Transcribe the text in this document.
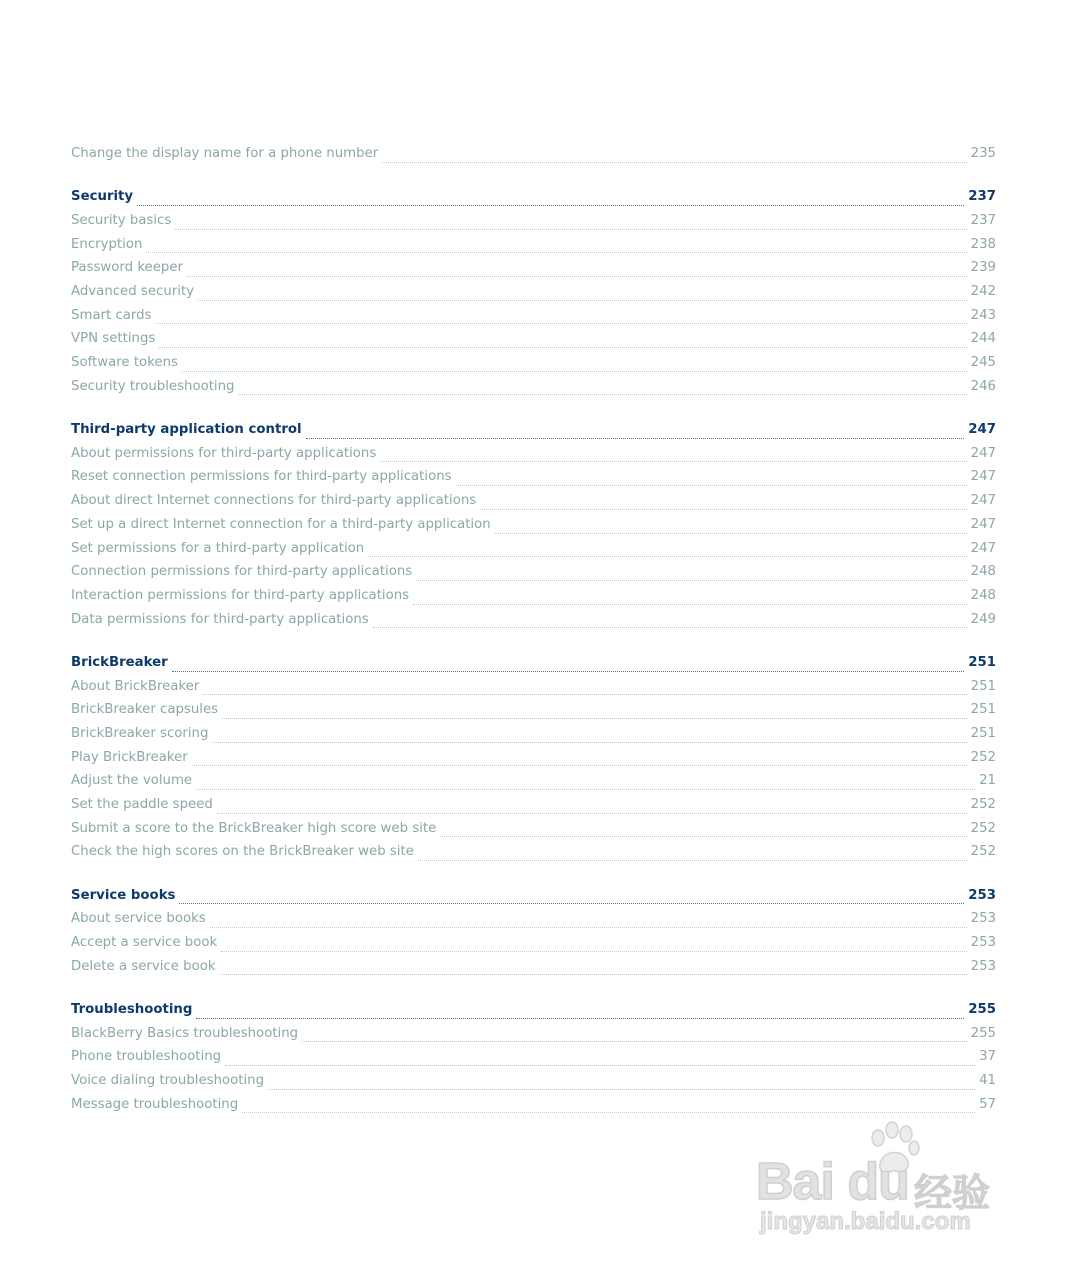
Change the display name for a phone number	235
Security	237
Security basics	237
Encryption	238
Password keeper	239
Advanced security	242
Smart cards	243
VPN settings	244
Software tokens	245
Security troubleshooting	246
Third-party application control	247
About permissions for third-party applications	247
Reset connection permissions for third-party applications	247
About direct Internet connections for third-party applications	247
Set up a direct Internet connection for a third-party application	247
Set permissions for a third-party application	247
Connection permissions for third-party applications	248
Interaction permissions for third-party applications	248
Data permissions for third-party applications	249
BrickBreaker	251
About BrickBreaker	251
BrickBreaker capsules	251
BrickBreaker scoring	251
Play BrickBreaker	252
Adjust the volume	21
Set the paddle speed	252
Submit a score to the BrickBreaker high score web site	252
Check the high scores on the BrickBreaker web site	252
Service books	253
About service books	253
Accept a service book	253
Delete a service book	253
Troubleshooting	255
BlackBerry Basics troubleshooting	255
Phone troubleshooting	37
Voice dialing troubleshooting	41
Message troubleshooting	57
Bai du 经验
jingyan.baidu.com
